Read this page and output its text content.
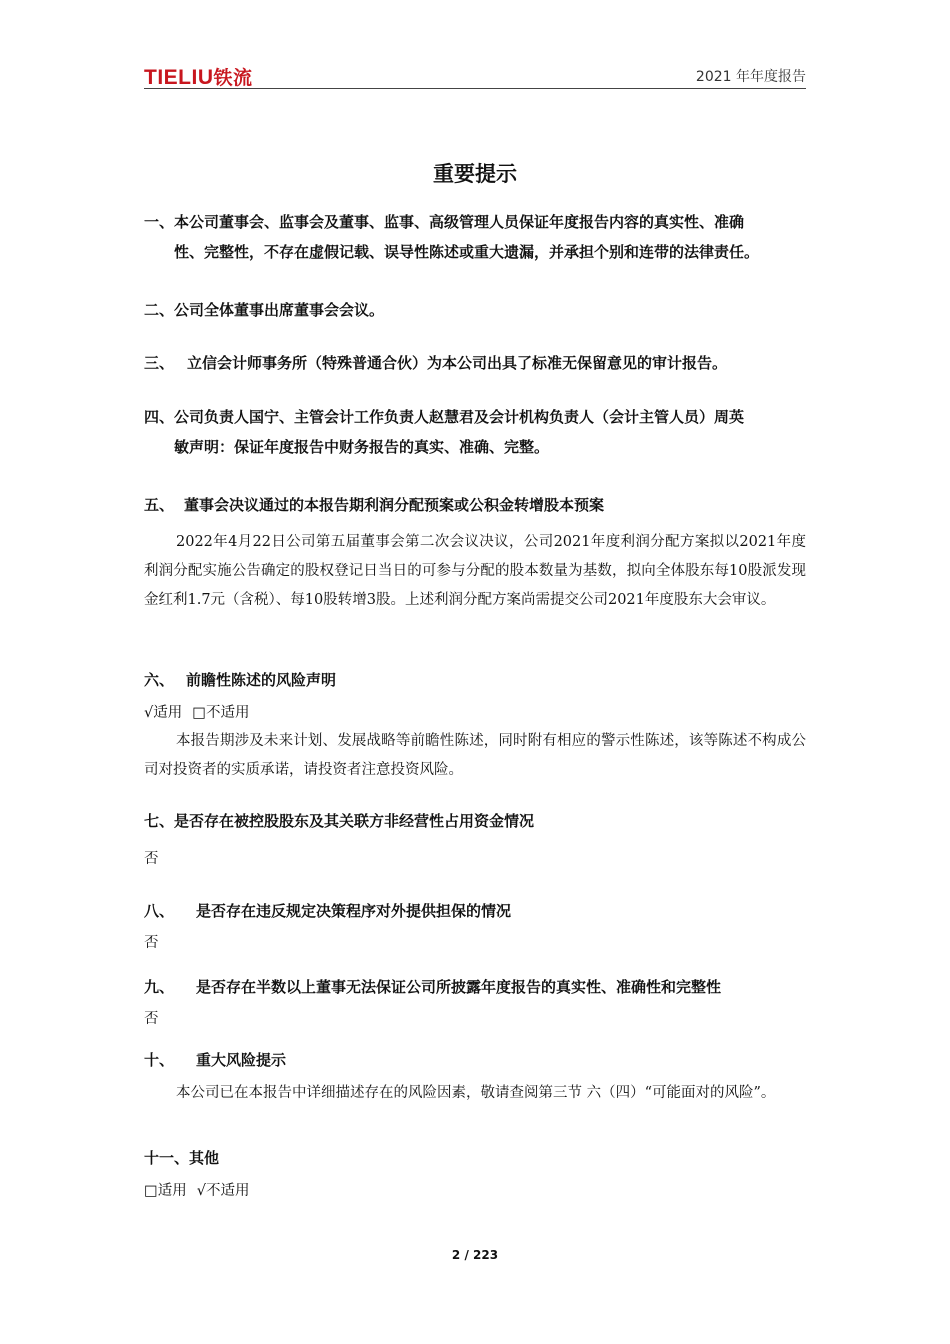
TIELIU铁流	2021 年年度报告
重要提示
一、本公司董事会、监事会及董事、监事、高级管理人员保证年度报告内容的真实性、准确
性、完整性，不存在虚假记载、误导性陈述或重大遗漏，并承担个别和连带的法律责任。
二、公司全体董事出席董事会会议。
三、 立信会计师事务所（特殊普通合伙）为本公司出具了标准无保留意见的审计报告。
四、公司负责人国宁、主管会计工作负责人赵慧君及会计机构负责人（会计主管人员）周英
敏声明：保证年度报告中财务报告的真实、准确、完整。
五、 董事会决议通过的本报告期利润分配预案或公积金转增股本预案

2022年4月22日公司第五届董事会第二次会议决议，公司2021年度利润分配方案拟以2021年度利润分配实施公告确定的股权登记日当日的可参与分配的股本数量为基数，拟向全体股东每10股派发现金红利1.7元（含税）、每10股转增3股。上述利润分配方案尚需提交公司2021年度股东大会审议。

六、 前瞻性陈述的风险声明
√适用 □不适用

本报告期涉及未来计划、发展战略等前瞻性陈述，同时附有相应的警示性陈述，该等陈述不构成公司对投资者的实质承诺，请投资者注意投资风险。

七、是否存在被控股股东及其关联方非经营性占用资金情况
否
八、 是否存在违反规定决策程序对外提供担保的情况
否
九、 是否存在半数以上董事无法保证公司所披露年度报告的真实性、准确性和完整性
否
十、 重大风险提示

本公司已在本报告中详细描述存在的风险因素，敬请查阅第三节 六（四）“可能面对的风险”。

十一、其他
□适用 √不适用
2 / 223
